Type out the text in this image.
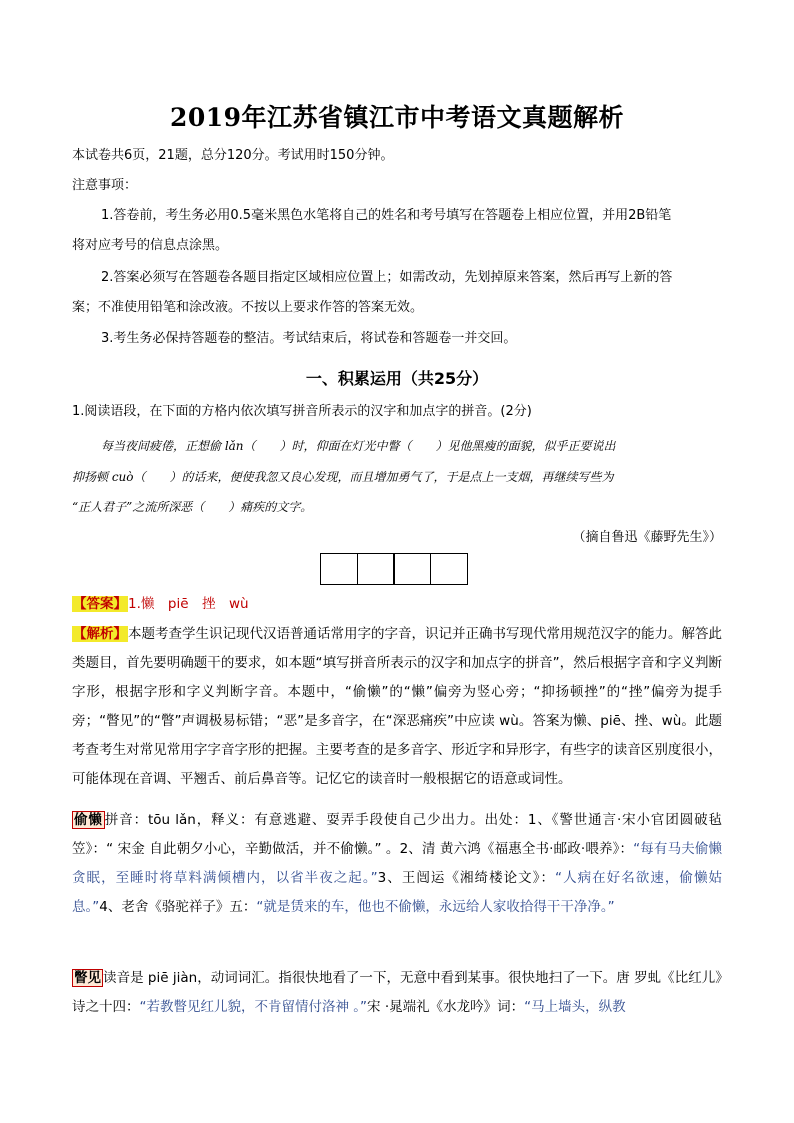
2019年江苏省镇江市中考语文真题解析
本试卷共6页，21题，总分120分。考试用时150分钟。
注意事项：
1.答卷前，考生务必用0.5毫米黑色水笔将自己的姓名和考号填写在答题卷上相应位置，并用2B铅笔
将对应考号的信息点涂黑。
2.答案必须写在答题卷各题目指定区域相应位置上；如需改动，先划掉原来答案，然后再写上新的答
案；不准使用铅笔和涂改液。不按以上要求作答的答案无效。
3.考生务必保持答题卷的整洁。考试结束后，将试卷和答题卷一并交回。
一、积累运用（共25分）
1.阅读语段，在下面的方格内依次填写拼音所表示的汉字和加点字的拼音。(2分)
每当夜间疲倦，正想偷 lǎn（　　）时，仰面在灯光中瞥（　　）见他黑瘦的面貌，似乎正要说出
抑扬顿 cuò（　　）的话来，便使我忽又良心发现，而且增加勇气了，于是点上一支烟，再继续写些为
“正人君子”之流所深恶（　　）痛疾的文字。
（摘自鲁迅《藤野先生》）
【答案】1.懒　piē　挫　wù
【解析】本题考查学生识记现代汉语普通话常用字的字音，识记并正确书写现代常用规范汉字的能力。解答此类题目，首先要明确题干的要求，如本题“填写拼音所表示的汉字和加点字的拼音”，然后根据字音和字义判断字形，根据字形和字义判断字音。本题中，“偷懒”的“懒”偏旁为竖心旁；“抑扬顿挫”的“挫”偏旁为提手旁；“瞥见”的“瞥”声调极易标错；“恶”是多音字，在“深恶痛疾”中应读 wù。答案为懒、piē、挫、wù。此题考查考生对常见常用字字音字形的把握。主要考查的是多音字、形近字和异形字，有些字的读音区别度很小，可能体现在音调、平翘舌、前后鼻音等。记忆它的读音时一般根据它的语意或词性。
偷懒 拼音：tōu lǎn，释义：有意逃避、耍弄手段使自己少出力。出处：1、《警世通言·宋小官团圆破毡笠》：“ 宋金 自此朝夕小心，辛勤做活，并不偷懒。” 。2、清 黄六鸿《福惠全书·邮政·喂养》：“每有马夫偷懒贪眠，至睡时将草料满倾槽内，以省半夜之起。”3、王闿运《湘绮楼论文》：“人病在好名欲速，偷懒姑息。”4、老舍《骆驼祥子》五：“就是赁来的车，他也不偷懒，永远给人家收拾得干干净净。”
瞥见 读音是 piē jiàn，动词词汇。指很快地看了一下，无意中看到某事。很快地扫了一下。唐 罗虬《比红儿》诗之十四：“若教瞥见红儿貌，不肯留情付洛神 。”宋 ·晁端礼《水龙吟》词：“马上墙头，纵教
